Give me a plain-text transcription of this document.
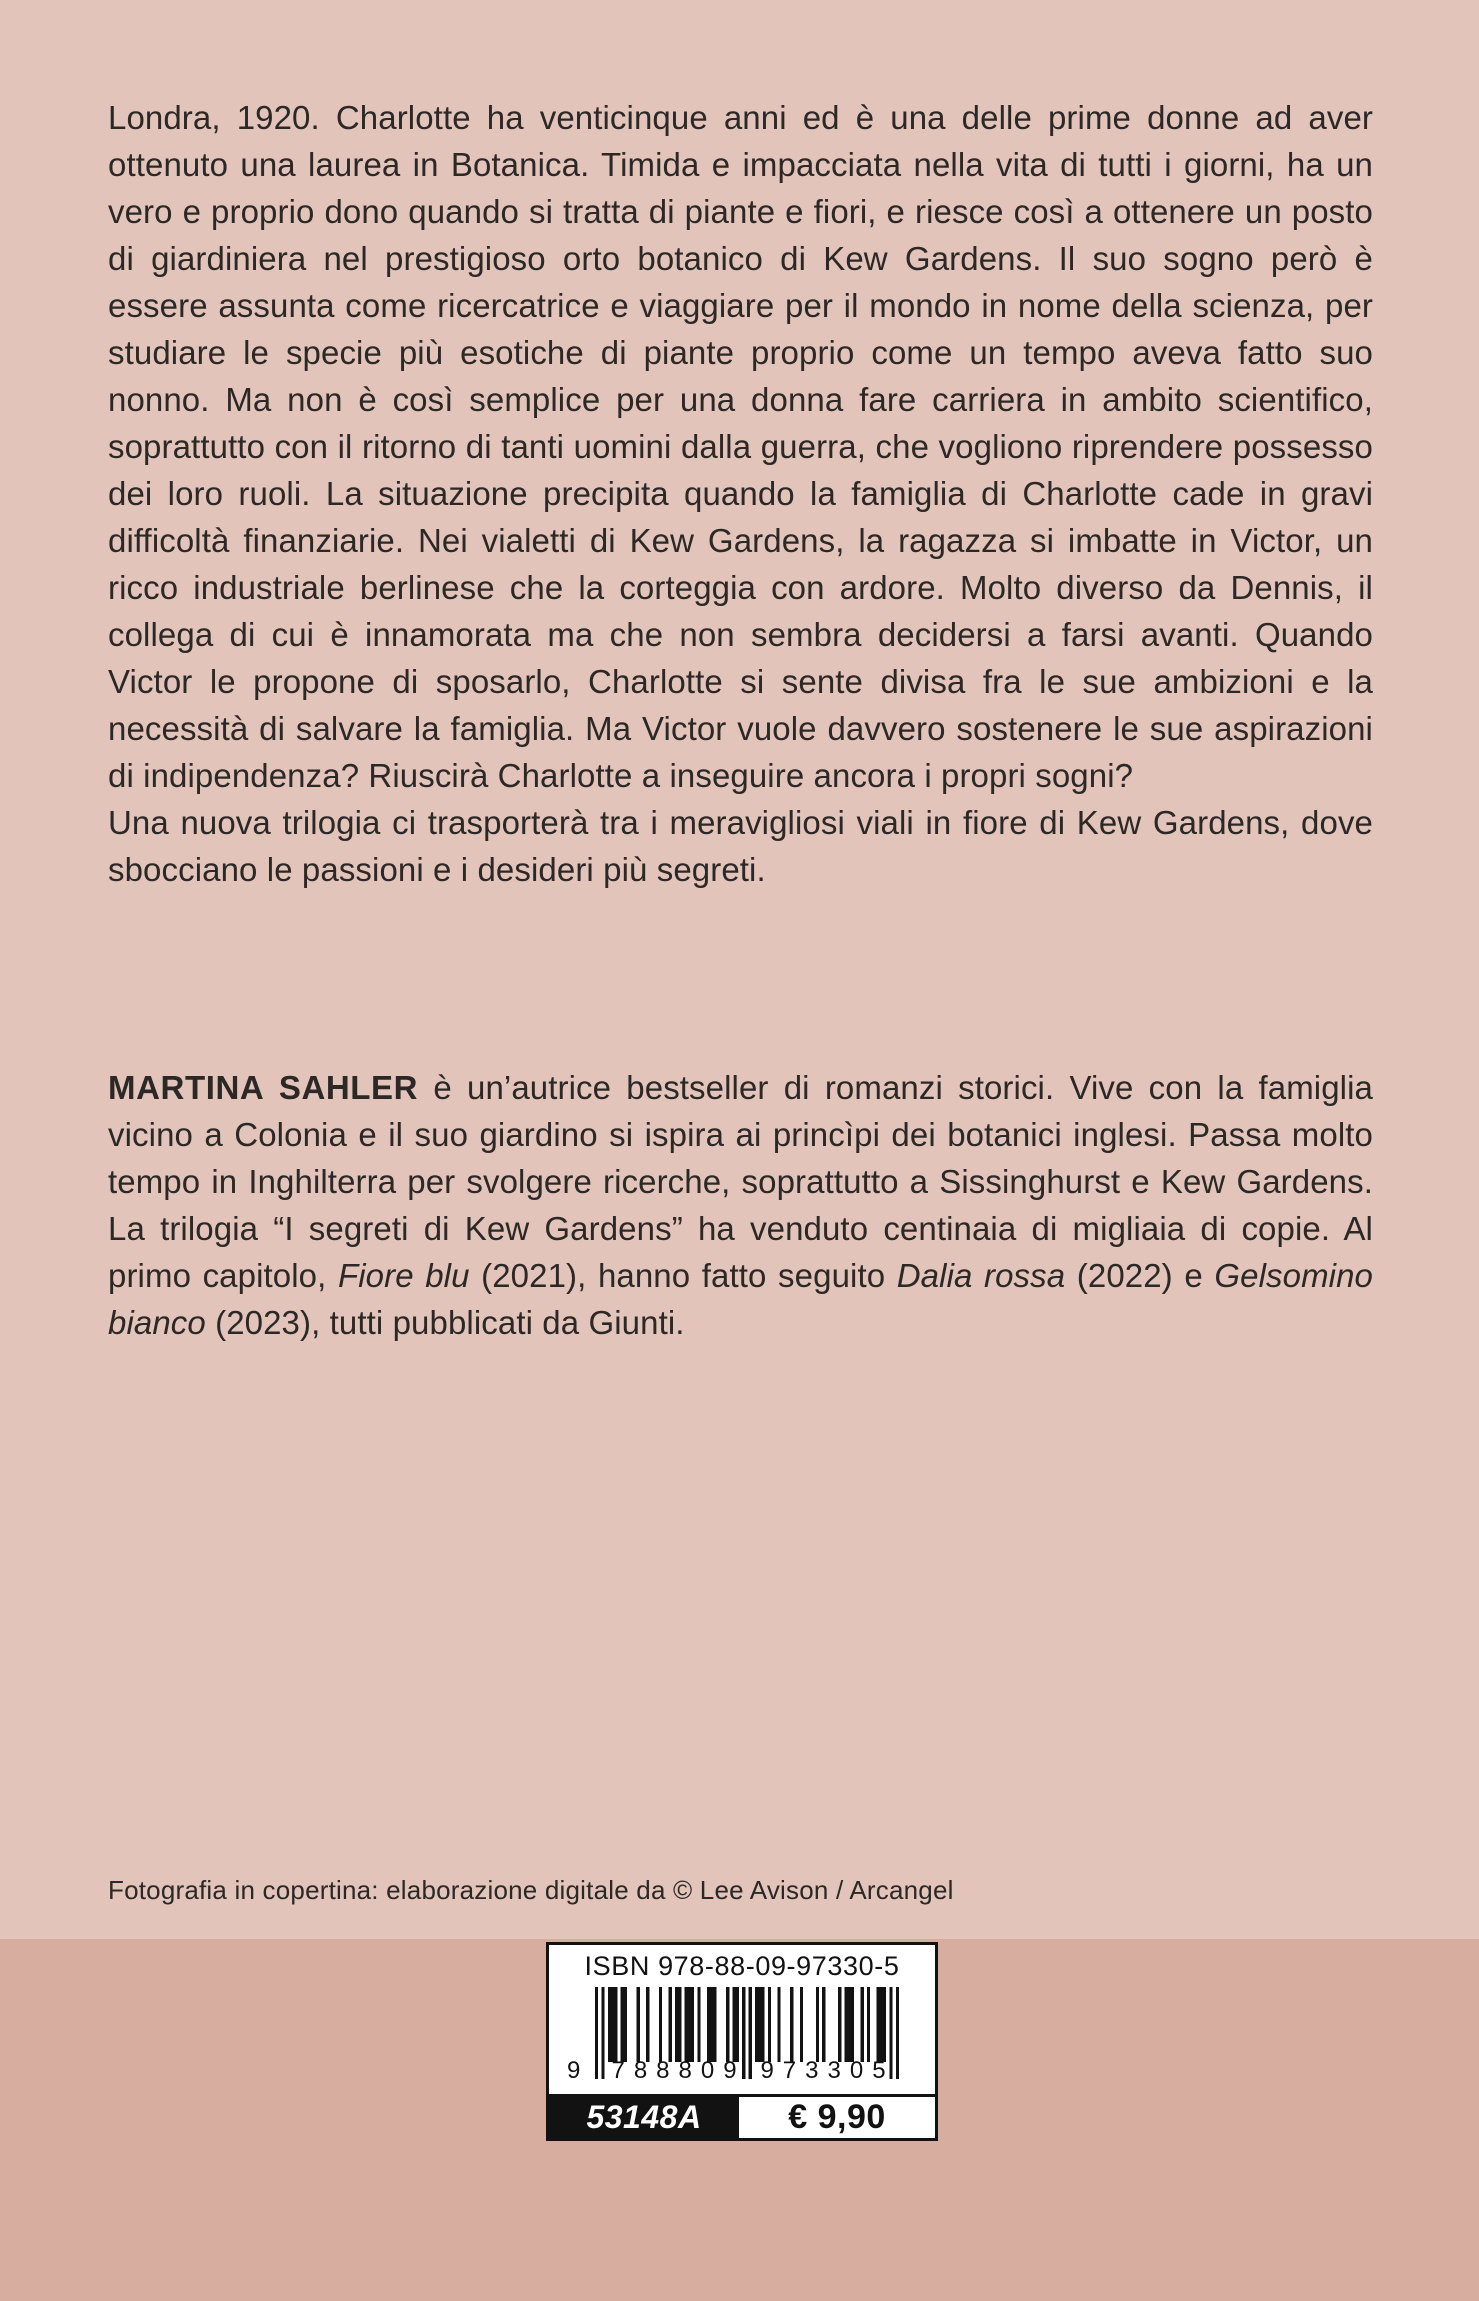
Londra, 1920. Charlotte ha venticinque anni ed è una delle prime donne ad aver ottenuto una laurea in Botanica. Timida e impacciata nella vita di tutti i giorni, ha un vero e proprio dono quando si tratta di piante e fiori, e riesce così a ottenere un posto di giardiniera nel prestigioso orto botanico di Kew Gardens. Il suo sogno però è essere assunta come ricercatrice e viaggiare per il mondo in nome della scienza, per studiare le specie più esotiche di piante proprio come un tempo aveva fatto suo nonno. Ma non è così semplice per una donna fare carriera in ambito scientifico, soprattutto con il ritorno di tanti uomini dalla guerra, che vogliono riprendere possesso dei loro ruoli. La situazione precipita quando la famiglia di Charlotte cade in gravi difficoltà finanziarie. Nei vialetti di Kew Gardens, la ragazza si imbatte in Victor, un ricco industriale berlinese che la corteggia con ardore. Molto diverso da Dennis, il collega di cui è innamorata ma che non sembra decidersi a farsi avanti. Quando Victor le propone di sposarlo, Charlotte si sente divisa fra le sue ambizioni e la necessità di salvare la famiglia. Ma Victor vuole davvero sostenere le sue aspirazioni di indipendenza? Riuscirà Charlotte a inseguire ancora i propri sogni?

Una nuova trilogia ci trasporterà tra i meravigliosi viali in fiore di Kew Gardens, dove sbocciano le passioni e i desideri più segreti.

MARTINA SAHLER è un’autrice bestseller di romanzi storici. Vive con la famiglia vicino a Colonia e il suo giardino si ispira ai princìpi dei botanici inglesi. Passa molto tempo in Inghilterra per svolgere ricerche, soprattutto a Sissinghurst e Kew Gardens. La trilogia “I segreti di Kew Gardens” ha venduto centinaia di migliaia di copie. Al primo capitolo, Fiore blu (2021), hanno fatto seguito Dalia rossa (2022) e Gelsomino bianco (2023), tutti pubblicati da Giunti.
Fotografia in copertina: elaborazione digitale da © Lee Avison / Arcangel
ISBN 978-88-09-97330-5
9	788809 973305
53148A	€ 9,90
